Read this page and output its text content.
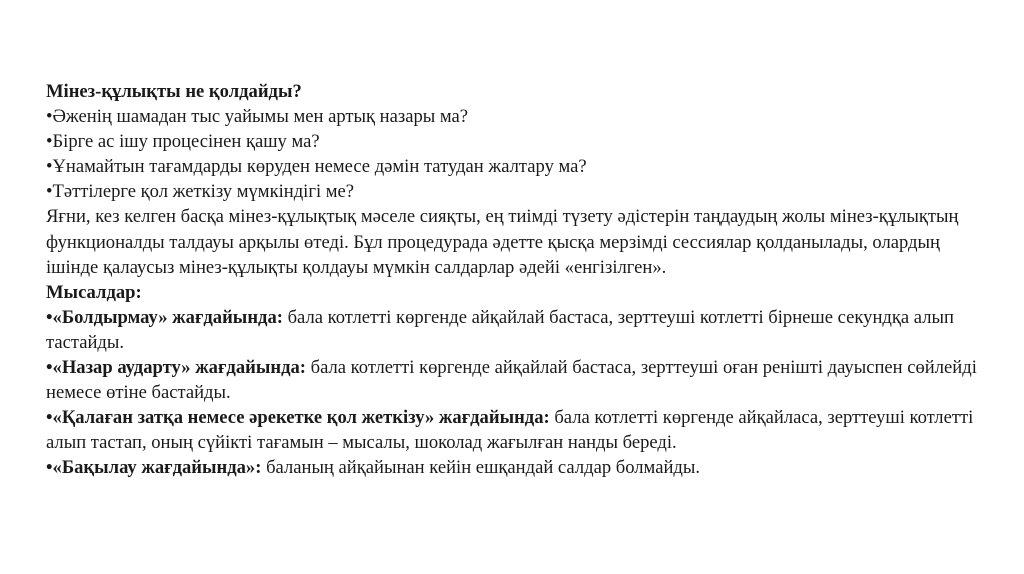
Мінез-құлықты не қолдайды?

•Әженің шамадан тыс уайымы мен артық назары ма?

•Бірге ас ішу процесінен қашу ма?

•Ұнамайтын тағамдарды көруден немесе дәмін татудан жалтару ма?

•Тәттілерге қол жеткізу мүмкіндігі ме?

Яғни, кез келген басқа мінез-құлықтық мәселе сияқты, ең тиімді түзету әдістерін таңдаудың жолы мінез-құлықтың функционалды талдауы арқылы өтеді. Бұл процедурада әдетте қысқа мерзімді сессиялар қолданылады, олардың ішінде қалаусыз мінез-құлықты қолдауы мүмкін салдарлар әдейі «енгізілген».

Мысалдар:

•«Болдырмау» жағдайында: бала котлетті көргенде айқайлай бастаса, зерттеуші котлетті бірнеше секундқа алып тастайды.

•«Назар аударту» жағдайында: бала котлетті көргенде айқайлай бастаса, зерттеуші оған ренішті дауыспен сөйлейді немесе өтіне бастайды.

•«Қалаған затқа немесе әрекетке қол жеткізу» жағдайында: бала котлетті көргенде айқайласа, зерттеуші котлетті алып тастап, оның сүйікті тағамын – мысалы, шоколад жағылған нанды береді.

•«Бақылау жағдайында»: баланың айқайынан кейін ешқандай салдар болмайды.
